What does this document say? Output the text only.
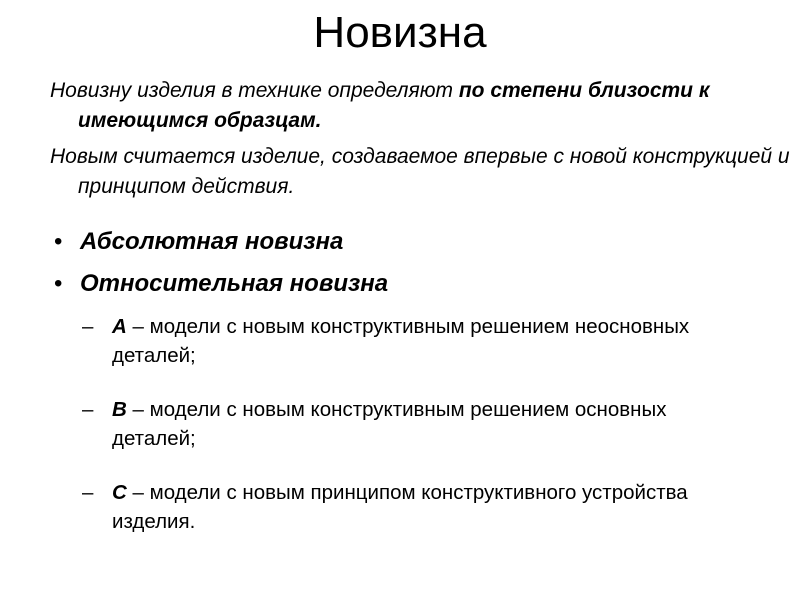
Новизна

Новизну изделия в технике определяют по степени близости к имеющимся образцам.

Новым считается изделие, создаваемое впервые с новой конструкцией и принципом действия.

• Абсолютная новизна
• Относительная новизна
– А – модели с новым конструктивным решением неосновных деталей;
– В – модели с новым конструктивным решением основных деталей;
– С – модели с новым принципом конструктивного устройства изделия.
